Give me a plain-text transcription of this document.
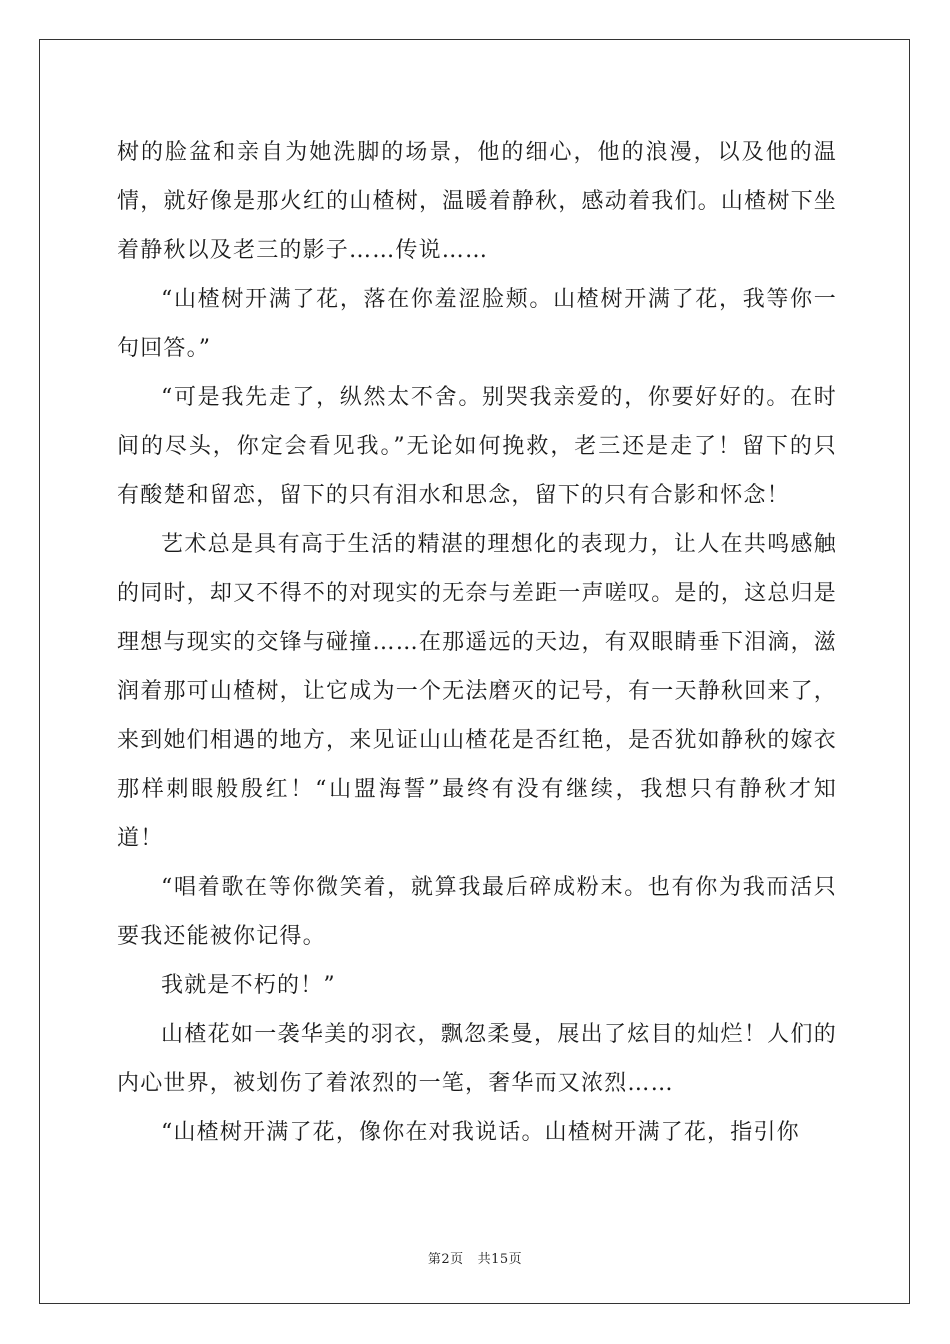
树的脸盆和亲自为她洗脚的场景，他的细心，他的浪漫，以及他的温情，就好像是那火红的山楂树，温暖着静秋，感动着我们。山楂树下坐着静秋以及老三的影子……传说……

“山楂树开满了花，落在你羞涩脸颊。山楂树开满了花，我等你一句回答。”

“可是我先走了，纵然太不舍。别哭我亲爱的，你要好好的。在时间的尽头，你定会看见我。”无论如何挽救，老三还是走了！留下的只有酸楚和留恋，留下的只有泪水和思念，留下的只有合影和怀念！

艺术总是具有高于生活的精湛的理想化的表现力，让人在共鸣感触的同时，却又不得不的对现实的无奈与差距一声嗟叹。是的，这总归是理想与现实的交锋与碰撞……在那遥远的天边，有双眼睛垂下泪滴，滋润着那可山楂树，让它成为一个无法磨灭的记号，有一天静秋回来了，来到她们相遇的地方，来见证山山楂花是否红艳，是否犹如静秋的嫁衣那样刺眼般殷红！“山盟海誓”最终有没有继续，我想只有静秋才知道！

“唱着歌在等你微笑着，就算我最后碎成粉末。也有你为我而活只要我还能被你记得。

我就是不朽的！”

山楂花如一袭华美的羽衣，飘忽柔曼，展出了炫目的灿烂！人们的内心世界，被划伤了着浓烈的一笔，奢华而又浓烈……

“山楂树开满了花，像你在对我说话。山楂树开满了花，指引你

第2页 共15页
